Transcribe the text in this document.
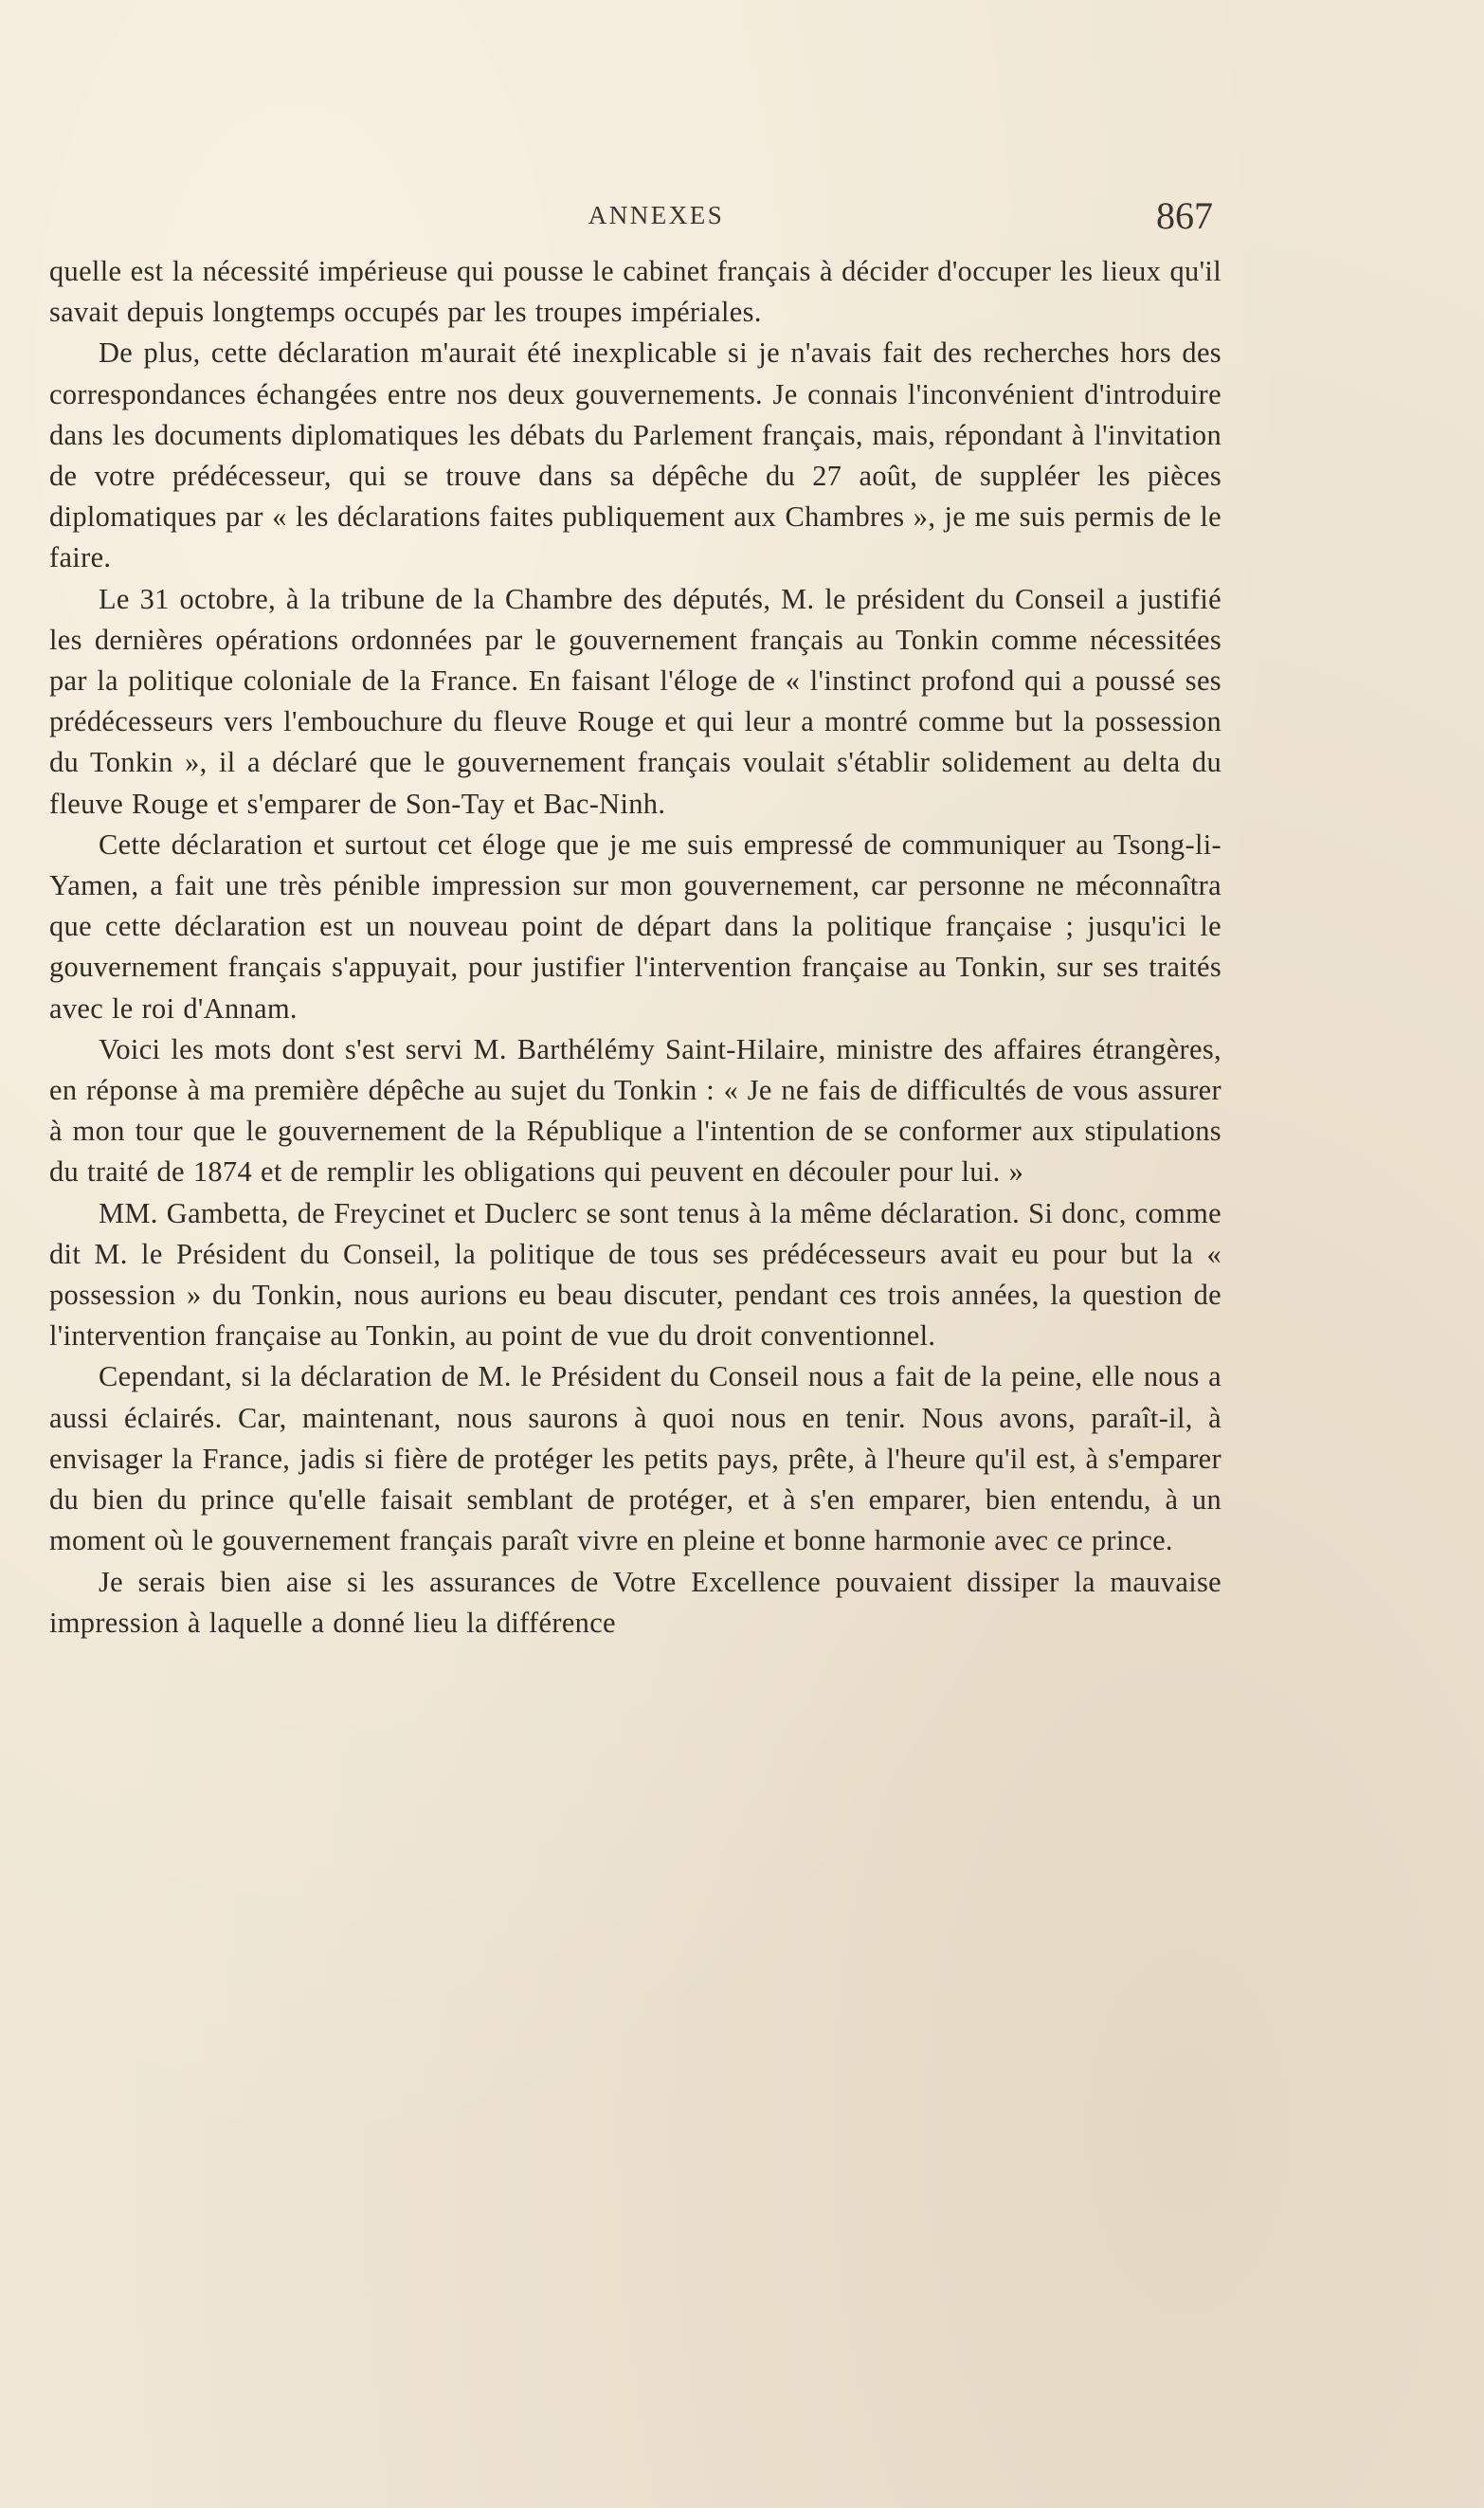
ANNEXES	867

quelle est la nécessité impérieuse qui pousse le cabinet français à décider d'occuper les lieux qu'il savait depuis longtemps occupés par les troupes impériales.

De plus, cette déclaration m'aurait été inexplicable si je n'avais fait des recherches hors des correspondances échangées entre nos deux gouvernements. Je connais l'inconvénient d'introduire dans les documents diplomatiques les débats du Parlement français, mais, répondant à l'invitation de votre prédécesseur, qui se trouve dans sa dépêche du 27 août, de suppléer les pièces diplomatiques par « les déclarations faites publiquement aux Chambres », je me suis permis de le faire.

Le 31 octobre, à la tribune de la Chambre des députés, M. le président du Conseil a justifié les dernières opérations ordonnées par le gouvernement français au Tonkin comme nécessitées par la politique coloniale de la France. En faisant l'éloge de « l'instinct profond qui a poussé ses prédécesseurs vers l'embouchure du fleuve Rouge et qui leur a montré comme but la possession du Tonkin », il a déclaré que le gouvernement français voulait s'établir solidement au delta du fleuve Rouge et s'emparer de Son-Tay et Bac-Ninh.

Cette déclaration et surtout cet éloge que je me suis empressé de communiquer au Tsong-li-Yamen, a fait une très pénible impression sur mon gouvernement, car personne ne méconnaîtra que cette déclaration est un nouveau point de départ dans la politique française ; jusqu'ici le gouvernement français s'appuyait, pour justifier l'intervention française au Tonkin, sur ses traités avec le roi d'Annam.

Voici les mots dont s'est servi M. Barthélémy Saint-Hilaire, ministre des affaires étrangères, en réponse à ma première dépêche au sujet du Tonkin : « Je ne fais de difficultés de vous assurer à mon tour que le gouvernement de la République a l'intention de se conformer aux stipulations du traité de 1874 et de remplir les obligations qui peuvent en découler pour lui. »

MM. Gambetta, de Freycinet et Duclerc se sont tenus à la même déclaration. Si donc, comme dit M. le Président du Conseil, la politique de tous ses prédécesseurs avait eu pour but la « possession » du Tonkin, nous aurions eu beau discuter, pendant ces trois années, la question de l'intervention française au Tonkin, au point de vue du droit conventionnel.

Cependant, si la déclaration de M. le Président du Conseil nous a fait de la peine, elle nous a aussi éclairés. Car, maintenant, nous saurons à quoi nous en tenir. Nous avons, paraît-il, à envisager la France, jadis si fière de protéger les petits pays, prête, à l'heure qu'il est, à s'emparer du bien du prince qu'elle faisait semblant de protéger, et à s'en emparer, bien entendu, à un moment où le gouvernement français paraît vivre en pleine et bonne harmonie avec ce prince.

Je serais bien aise si les assurances de Votre Excellence pouvaient dissiper la mauvaise impression à laquelle a donné lieu la différence
